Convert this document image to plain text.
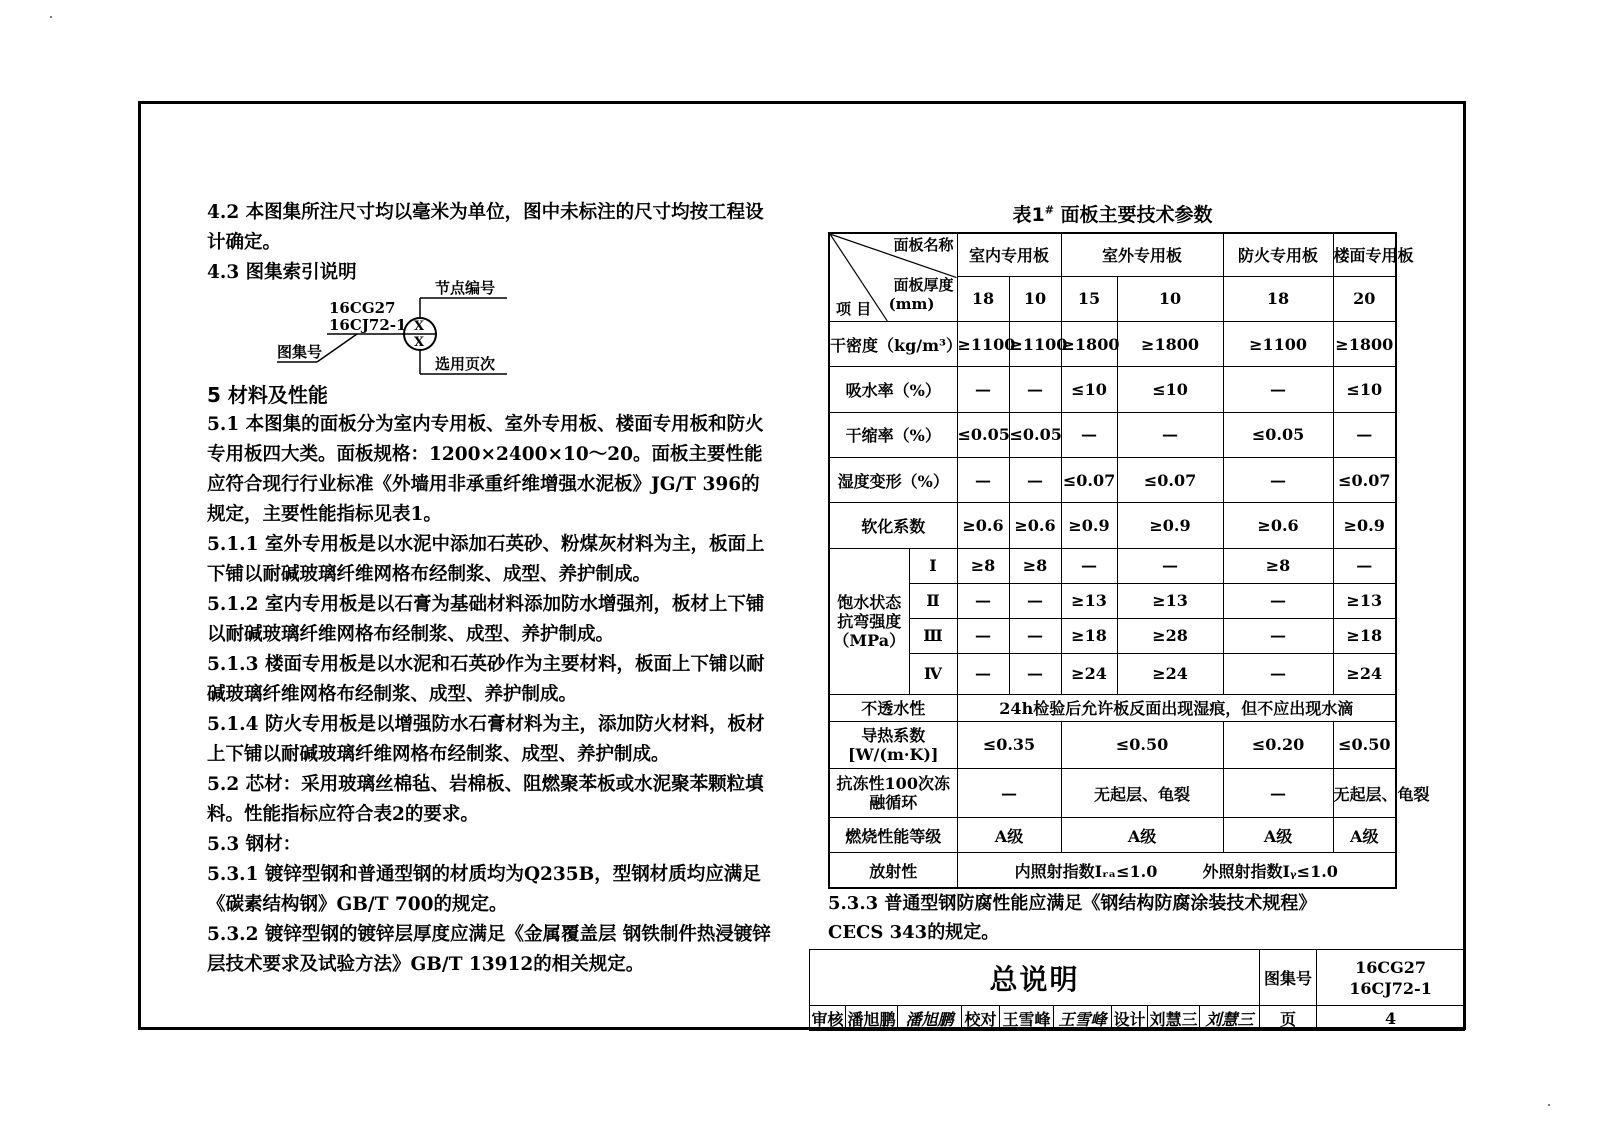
4.2 本图集所注尺寸均以毫米为单位，图中未标注的尺寸均按工程设计确定。

4.3 图集索引说明

16CG27
16CJ72-1 X
X
节点编号
图集号
选用页次

5 材料及性能

5.1 本图集的面板分为室内专用板、室外专用板、楼面专用板和防火专用板四大类。面板规格：1200×2400×10～20。面板主要性能应符合现行行业标准《外墙用非承重纤维增强水泥板》JG/T 396的规定，主要性能指标见表1。

5.1.1 室外专用板是以水泥中添加石英砂、粉煤灰材料为主，板面上下铺以耐碱玻璃纤维网格布经制浆、成型、养护制成。

5.1.2 室内专用板是以石膏为基础材料添加防水增强剂，板材上下铺以耐碱玻璃纤维网格布经制浆、成型、养护制成。

5.1.3 楼面专用板是以水泥和石英砂作为主要材料，板面上下铺以耐碱玻璃纤维网格布经制浆、成型、养护制成。

5.1.4 防火专用板是以增强防水石膏材料为主，添加防火材料，板材上下铺以耐碱玻璃纤维网格布经制浆、成型、养护制成。

5.2 芯材：采用玻璃丝棉毡、岩棉板、阻燃聚苯板或水泥聚苯颗粒填料。性能指标应符合表2的要求。

5.3 钢材：

5.3.1 镀锌型钢和普通型钢的材质均为Q235B，型钢材质均应满足《碳素结构钢》GB/T 700的规定。

5.3.2 镀锌型钢的镀锌层厚度应满足《金属覆盖层 钢铁制件热浸镀锌层技术要求及试验方法》GB/T 13912的相关规定。

表1# 面板主要技术参数
面板名称
面板厚度
(mm)
项 目		室内专用板		室外专用板		防火专用板	楼面专用板
		18	10	15	10	18	20
干密度（kg/m³）		≥1100	≥1100	≥1800	≥1800	≥1100	≥1800
吸水率（%）		—	—	≤10	≤10	—	≤10
干缩率（%）		≤0.05	≤0.05	—	—	≤0.05	—
湿度变形（%）		—	—	≤0.07	≤0.07	—	≤0.07
软化系数		≥0.6	≥0.6	≥0.9	≥0.9	≥0.6	≥0.9
饱水状态抗弯强度（MPa）	Ⅰ	≥8	≥8	—	—	≥8	—
	Ⅱ	—	—	≥13	≥13	—	≥13
	Ⅲ	—	—	≥18	≥28	—	≥18
	Ⅳ	—	—	≥24	≥24	—	≥24
不透水性		24h检验后允许板反面出现湿痕，但不应出现水滴					
导热系数[W/(m·K)]		≤0.35		≤0.50		≤0.20	≤0.50
抗冻性100次冻融循环		—		无起层、龟裂		—	无起层、龟裂
燃烧性能等级		A级		A级		A级	A级
放射性		内照射指数Iᵣₐ≤1.0 外照射指数Iᵧ≤1.0					

5.3.3 普通型钢防腐性能应满足《钢结构防腐涂装技术规程》

CECS 343的规定。

总说明									图集号	16CG27
16CJ72-1

审核	潘旭鹏	潘旭鹏	校对	王雪峰	王雪峰	设计	刘慧三	刘慧三	页	4
